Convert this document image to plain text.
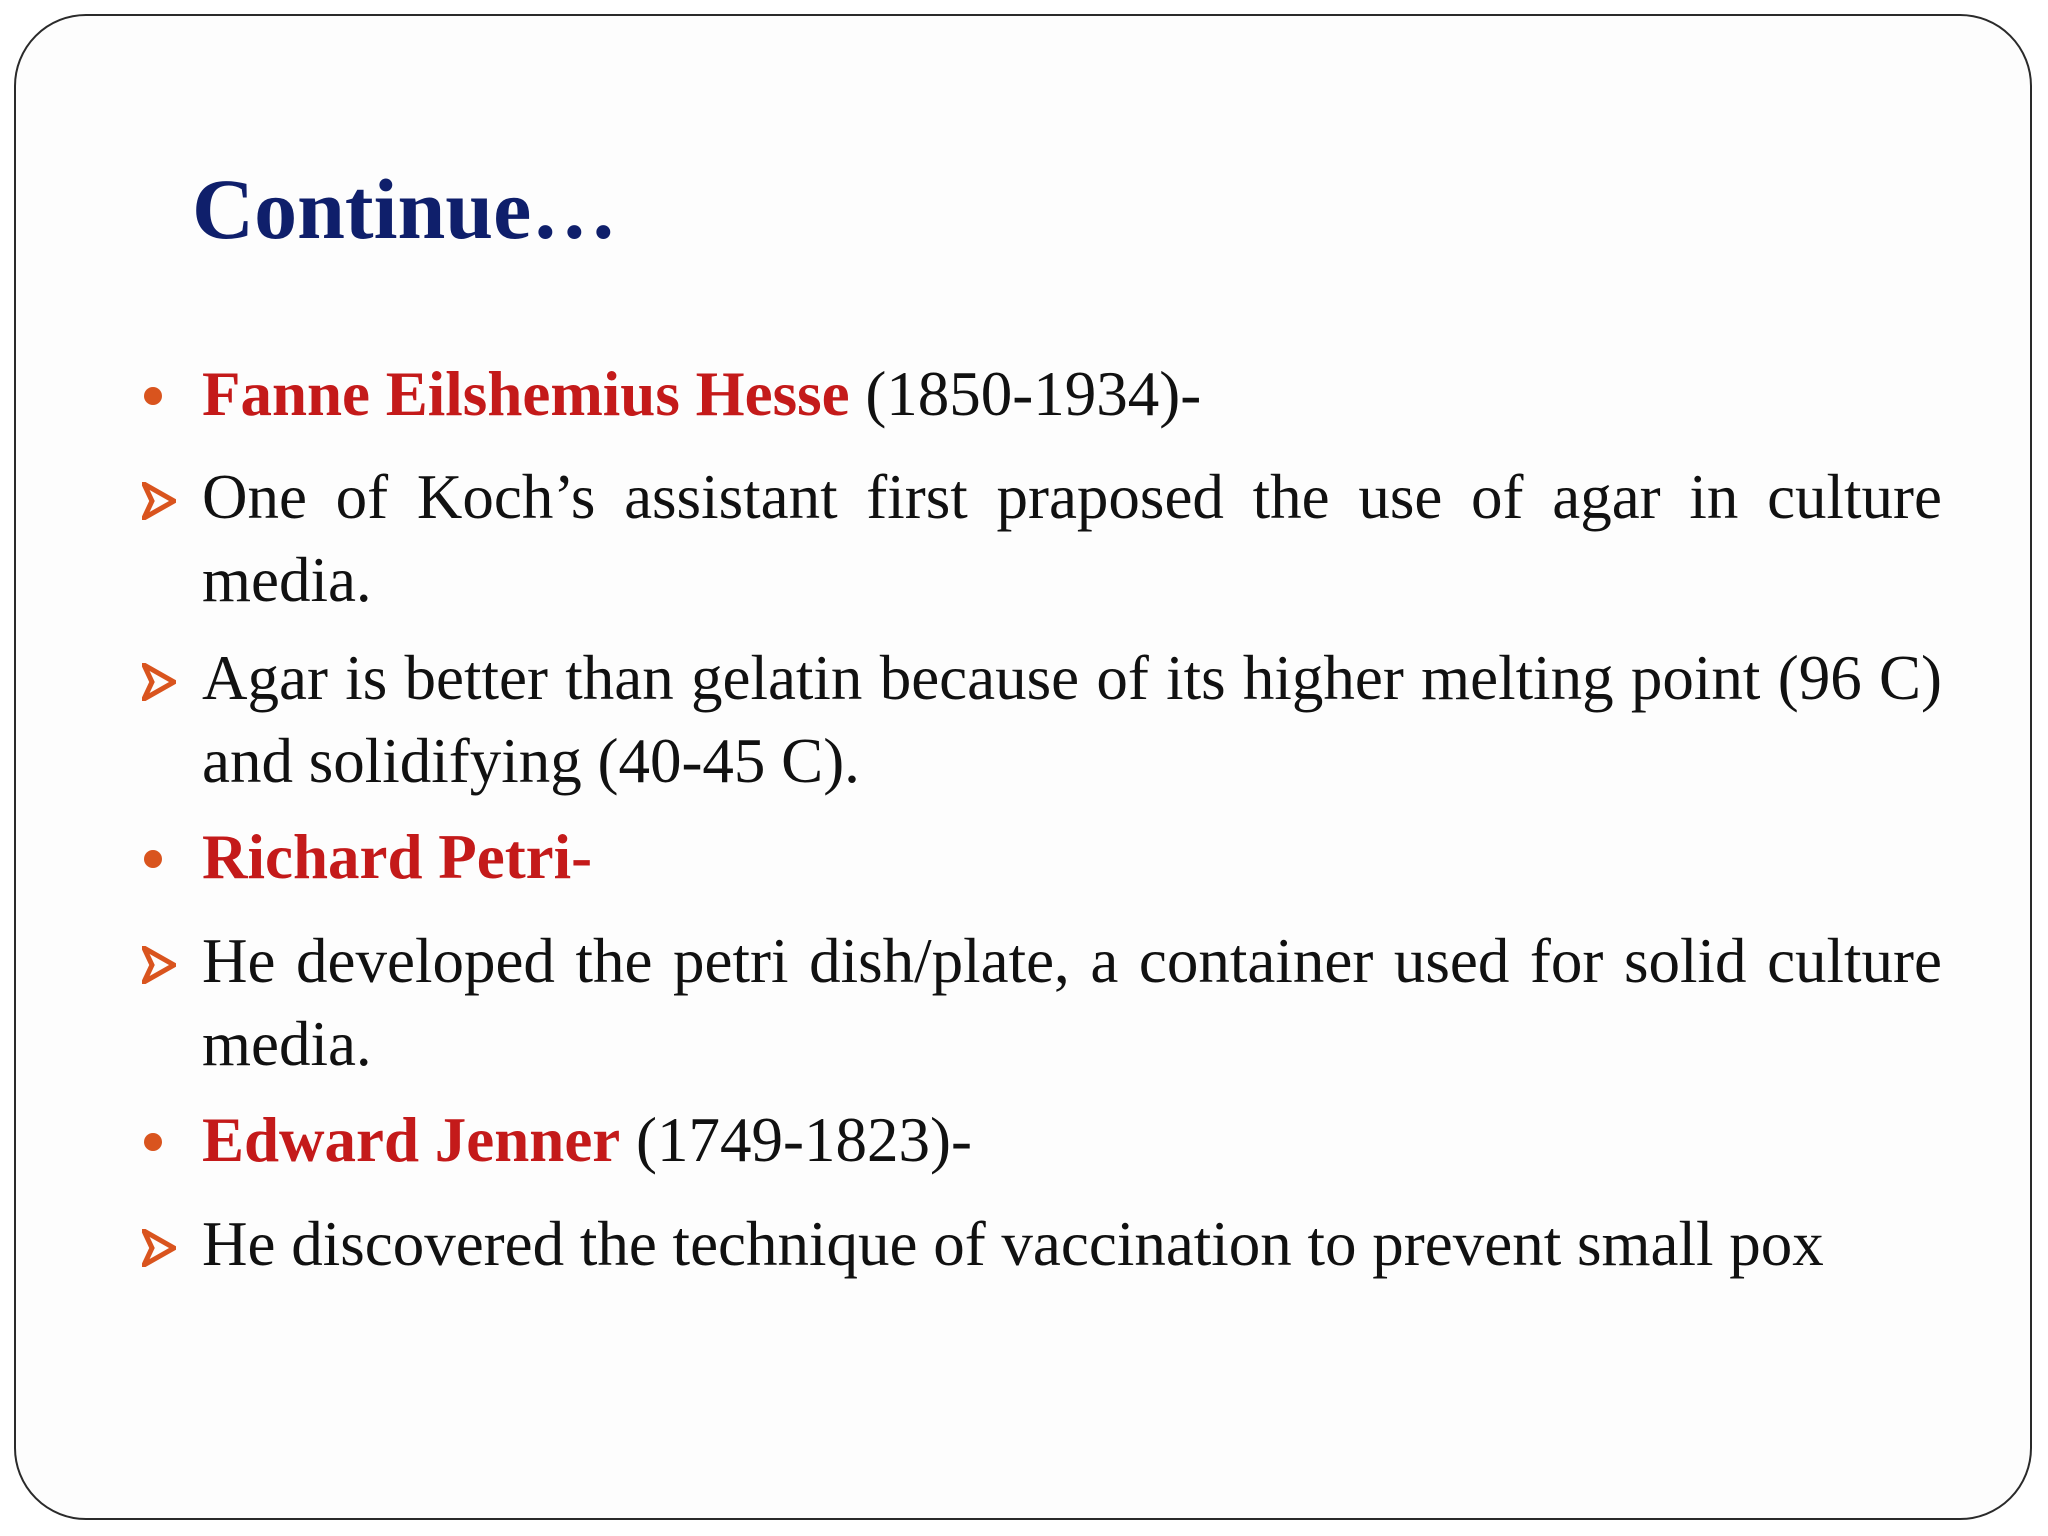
Continue…
Fanne Eilshemius Hesse (1850-1934)-
One of Koch’s assistant first praposed the use of agar in culture media.
Agar is better than gelatin because of its higher melting point (96 C) and solidifying (40-45 C).
Richard Petri-
He developed the petri dish/plate, a container used for solid culture media.
Edward Jenner (1749-1823)-
He discovered the technique of vaccination to prevent small pox
